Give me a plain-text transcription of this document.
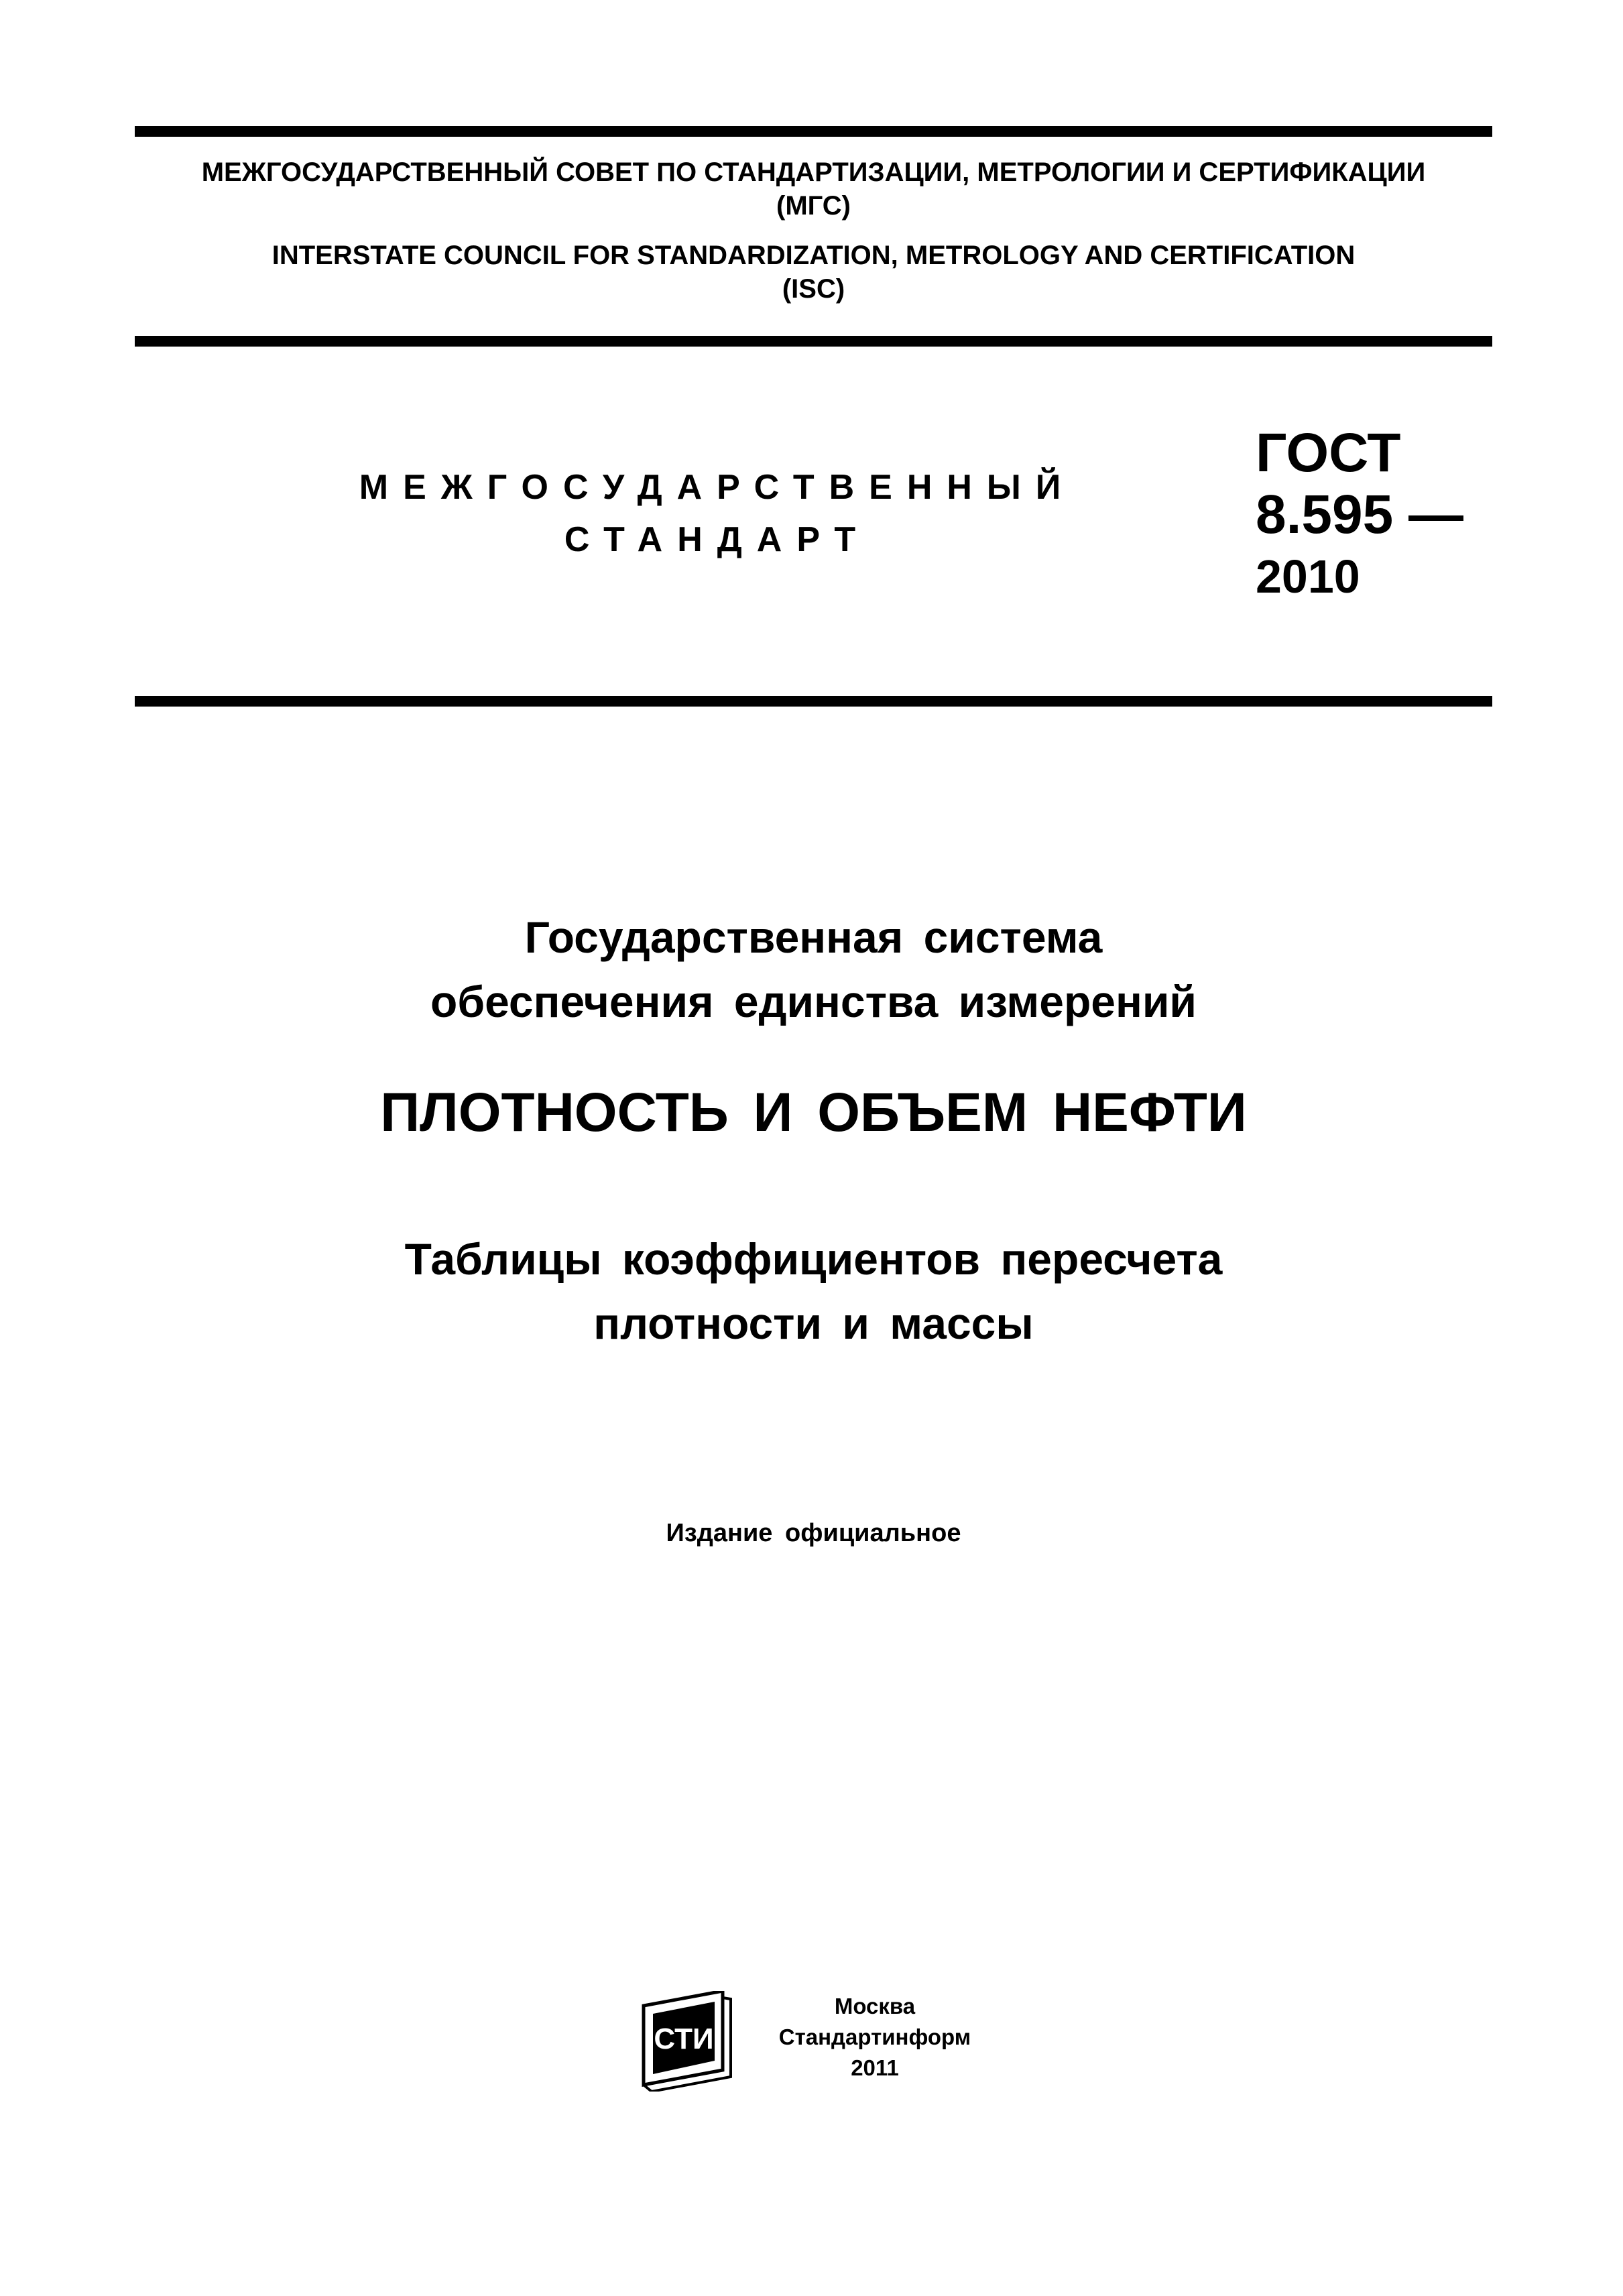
МЕЖГОСУДАРСТВЕННЫЙ СОВЕТ ПО СТАНДАРТИЗАЦИИ, МЕТРОЛОГИИ И СЕРТИФИКАЦИИ
(МГС)
INTERSTATE COUNCIL FOR STANDARDIZATION, METROLOGY AND CERTIFICATION
(ISC)
МЕЖГОСУДАРСТВЕННЫЙ
СТАНДАРТ
ГОСТ
8.595 —
2010
Государственная система
обеспечения единства измерений
ПЛОТНОСТЬ И ОБЪЕМ НЕФТИ
Таблицы коэффициентов пересчета
плотности и массы
Издание официальное
СТИ
Москва
Стандартинформ
2011
